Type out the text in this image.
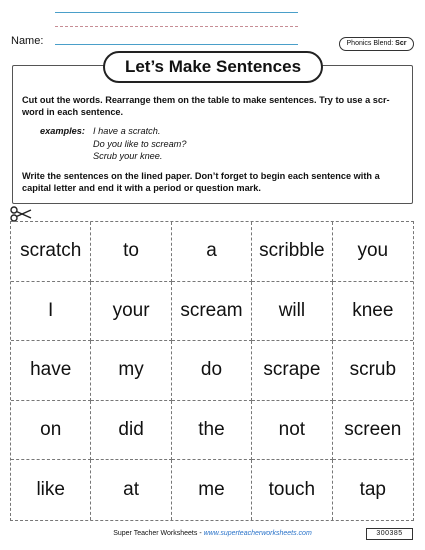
Name:	Phonics Blend: Scr
Let’s Make Sentences
Cut out the words. Rearrange them on the table to make sentences. Try to use a scr-word in each sentence.
examples: I have a scratch.
Do you like to scream?
Scrub your knee.
Write the sentences on the lined paper. Don’t forget to begin each sentence with a capital letter and end it with a period or question mark.
scratch	to	a	scribble	you
I	your	scream	will	knee
have	my	do	scrape	scrub
on	did	the	not	screen
like	at	me	touch	tap
Super Teacher Worksheets - www.superteacherworksheets.com	300385
